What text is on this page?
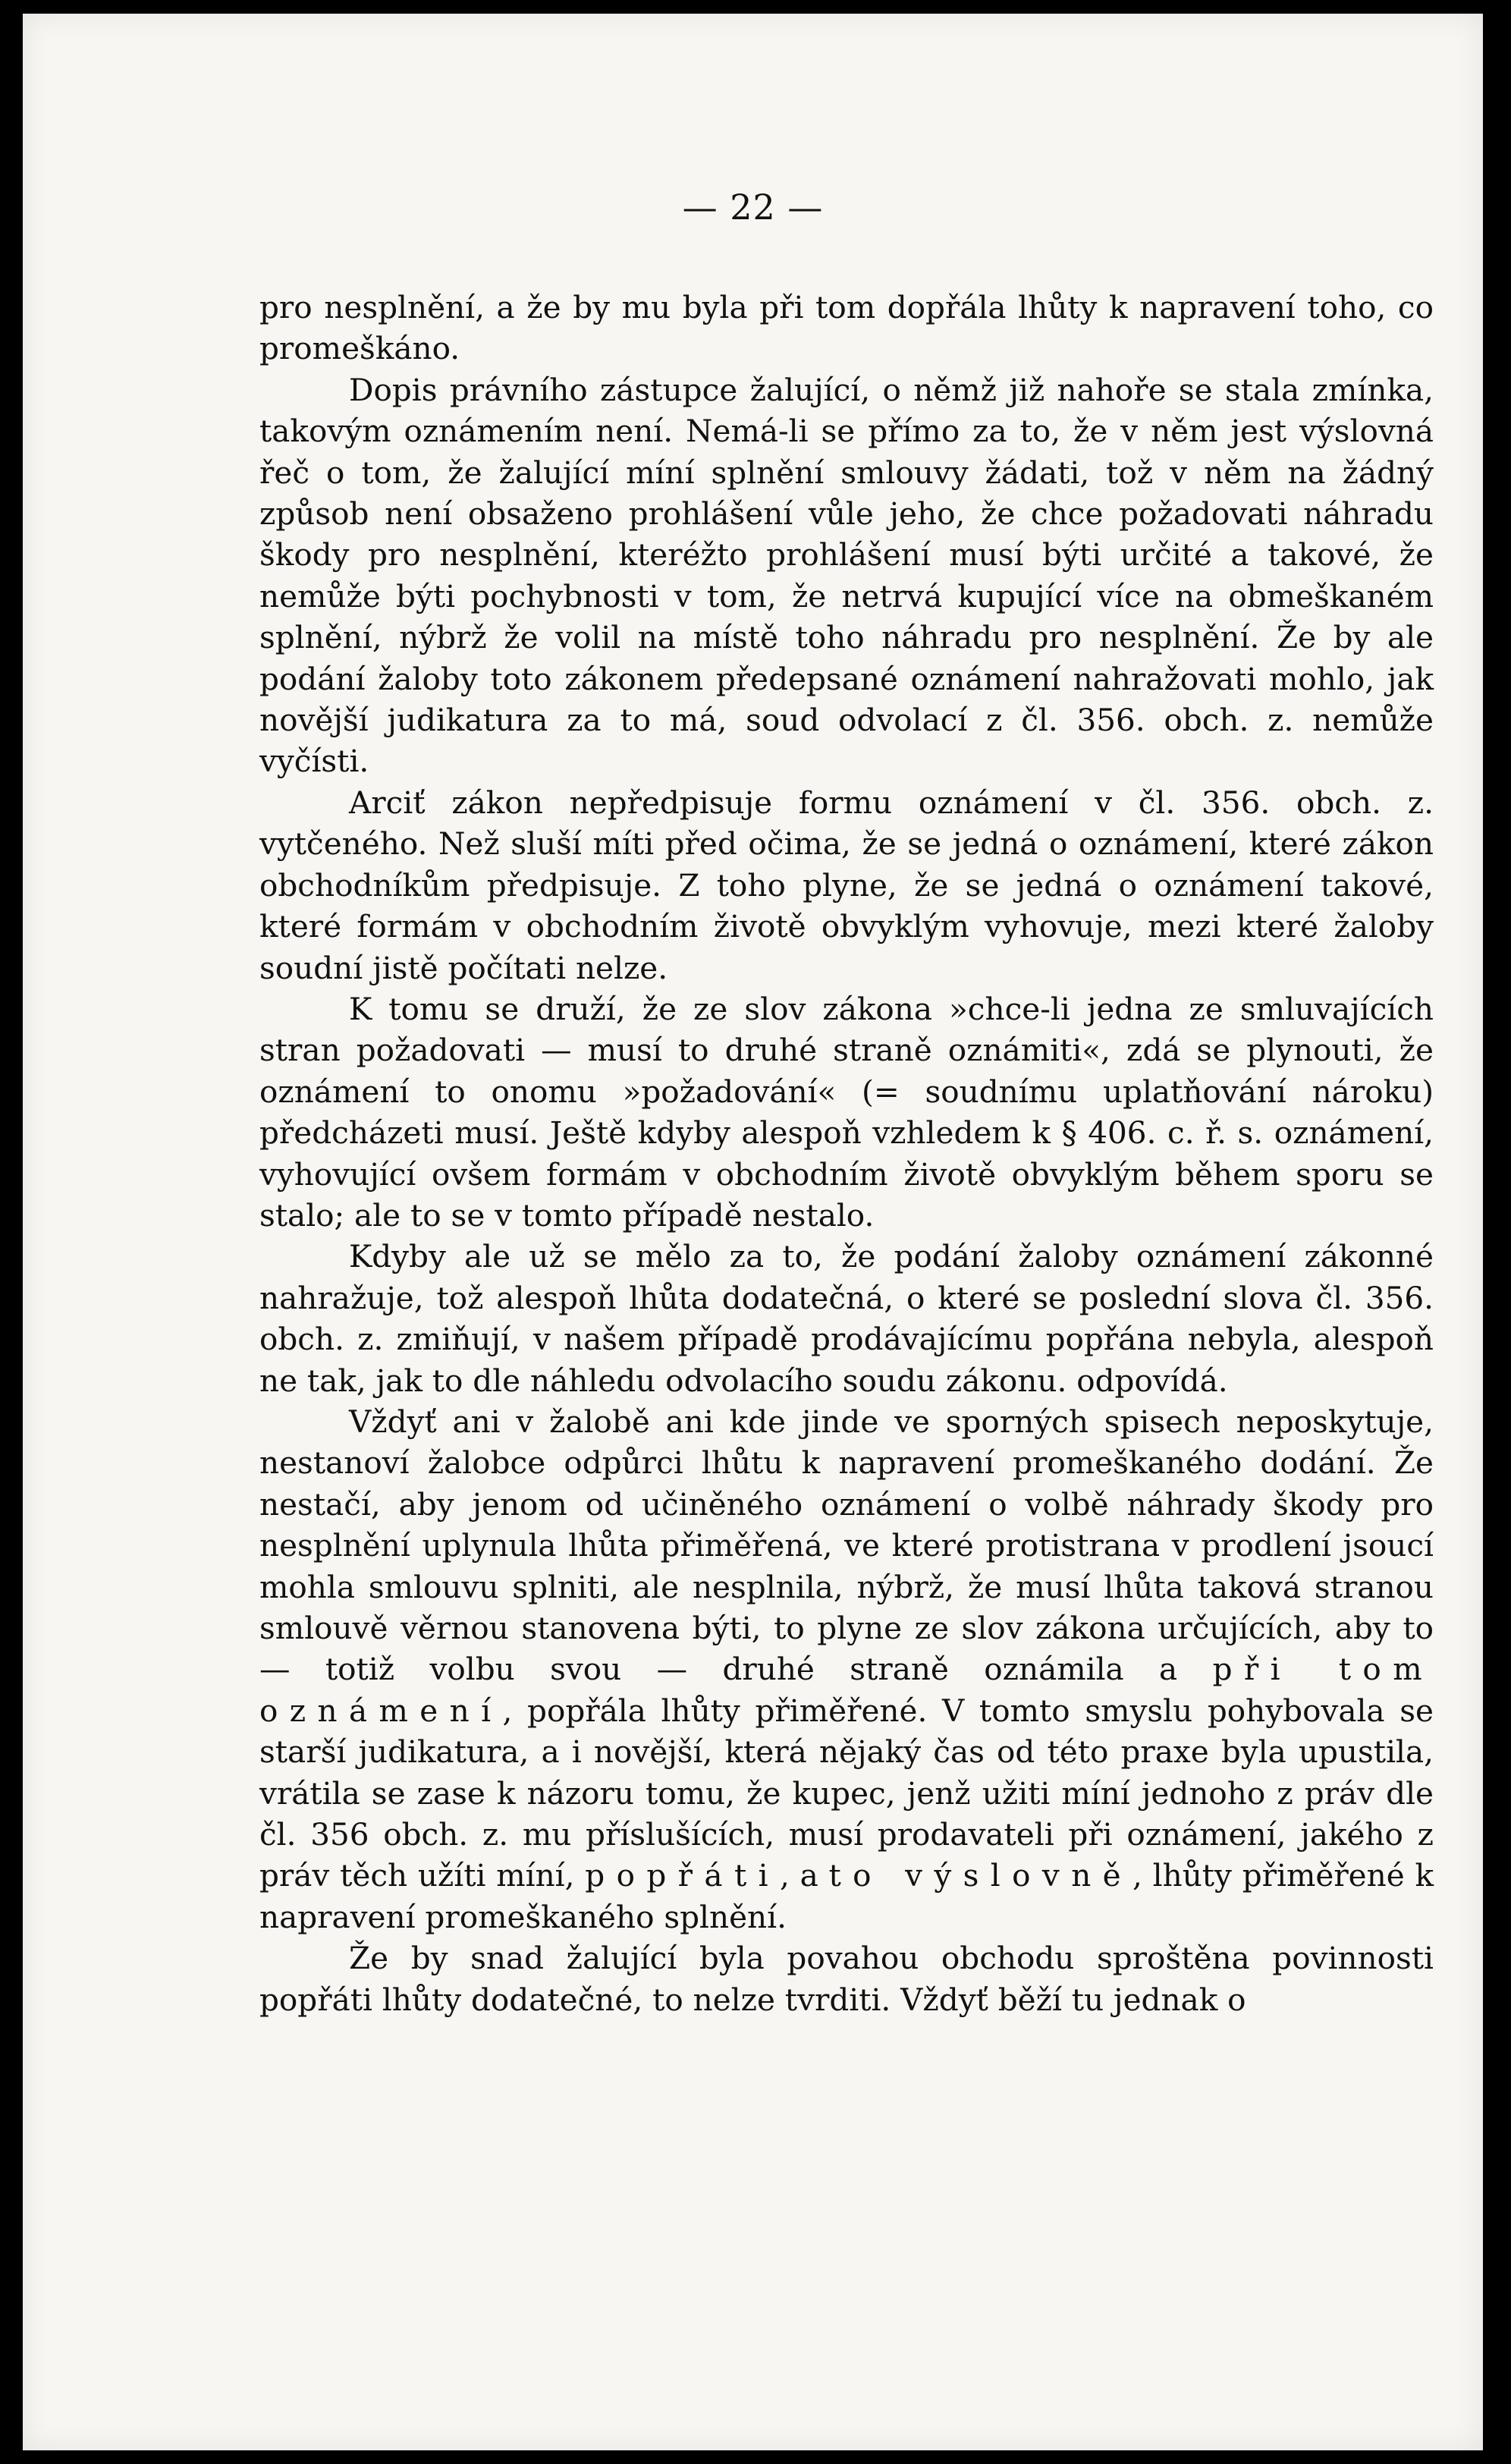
— 22 —

pro nesplnění, a že by mu byla při tom dopřála lhůty k napravení toho, co promeškáno.

Dopis právního zástupce žalující, o němž již nahoře se stala zmínka, takovým oznámením není. Nemá-li se přímo za to, že v něm jest výslovná řeč o tom, že žalující míní splnění smlouvy žádati, tož v něm na žádný způsob není obsaženo prohlášení vůle jeho, že chce požadovati náhradu škody pro nesplnění, kteréžto prohlášení musí býti určité a takové, že nemůže býti pochybnosti v tom, že netrvá kupující více na obmeškaném splnění, nýbrž že volil na místě toho náhradu pro nesplnění. Že by ale podání žaloby toto zákonem předepsané oznámení nahražovati mohlo, jak novější judikatura za to má, soud odvolací z čl. 356. obch. z. nemůže vyčísti.

Arciť zákon nepředpisuje formu oznámení v čl. 356. obch. z. vytčeného. Než sluší míti před očima, že se jedná o oznámení, které zákon obchodníkům předpisuje. Z toho plyne, že se jedná o oznámení takové, které formám v obchodním životě obvyklým vyhovuje, mezi které žaloby soudní jistě počítati nelze.

K tomu se druží, že ze slov zákona »chce-li jedna ze smluvajících stran požadovati — musí to druhé straně oznámiti«, zdá se plynouti, že oznámení to onomu »požadování« (= soudnímu uplatňování nároku) předcházeti musí. Ještě kdyby alespoň vzhledem k § 406. c. ř. s. oznámení, vyhovující ovšem formám v obchodním životě obvyklým během sporu se stalo; ale to se v tomto případě nestalo.

Kdyby ale už se mělo za to, že podání žaloby oznámení zákonné nahražuje, tož alespoň lhůta dodatečná, o které se poslední slova čl. 356. obch. z. zmiňují, v našem případě prodávajícímu popřána nebyla, alespoň ne tak, jak to dle náhledu odvolacího soudu zákonu. odpovídá.

Vždyť ani v žalobě ani kde jinde ve sporných spisech neposkytuje, nestanoví žalobce odpůrci lhůtu k napravení promeškaného dodání. Že nestačí, aby jenom od učiněného oznámení o volbě náhrady škody pro nesplnění uplynula lhůta přiměřená, ve které protistrana v prodlení jsoucí mohla smlouvu splniti, ale nesplnila, nýbrž, že musí lhůta taková stranou smlouvě věrnou stanovena býti, to plyne ze slov zákona určujících, aby to — totiž volbu svou — druhé straně oznámila a při tom oznámení, popřála lhůty přiměřené. V tomto smyslu pohybovala se starší judikatura, a i novější, která nějaký čas od této praxe byla upustila, vrátila se zase k názoru tomu, že kupec, jenž užiti míní jednoho z práv dle čl. 356 obch. z. mu příslušících, musí prodavateli při oznámení, jakého z práv těch užíti míní, popřáti, a to výslovně, lhůty přiměřené k napravení promeškaného splnění.

Že by snad žalující byla povahou obchodu sproštěna povinnosti popřáti lhůty dodatečné, to nelze tvrditi. Vždyť běží tu jednak o
